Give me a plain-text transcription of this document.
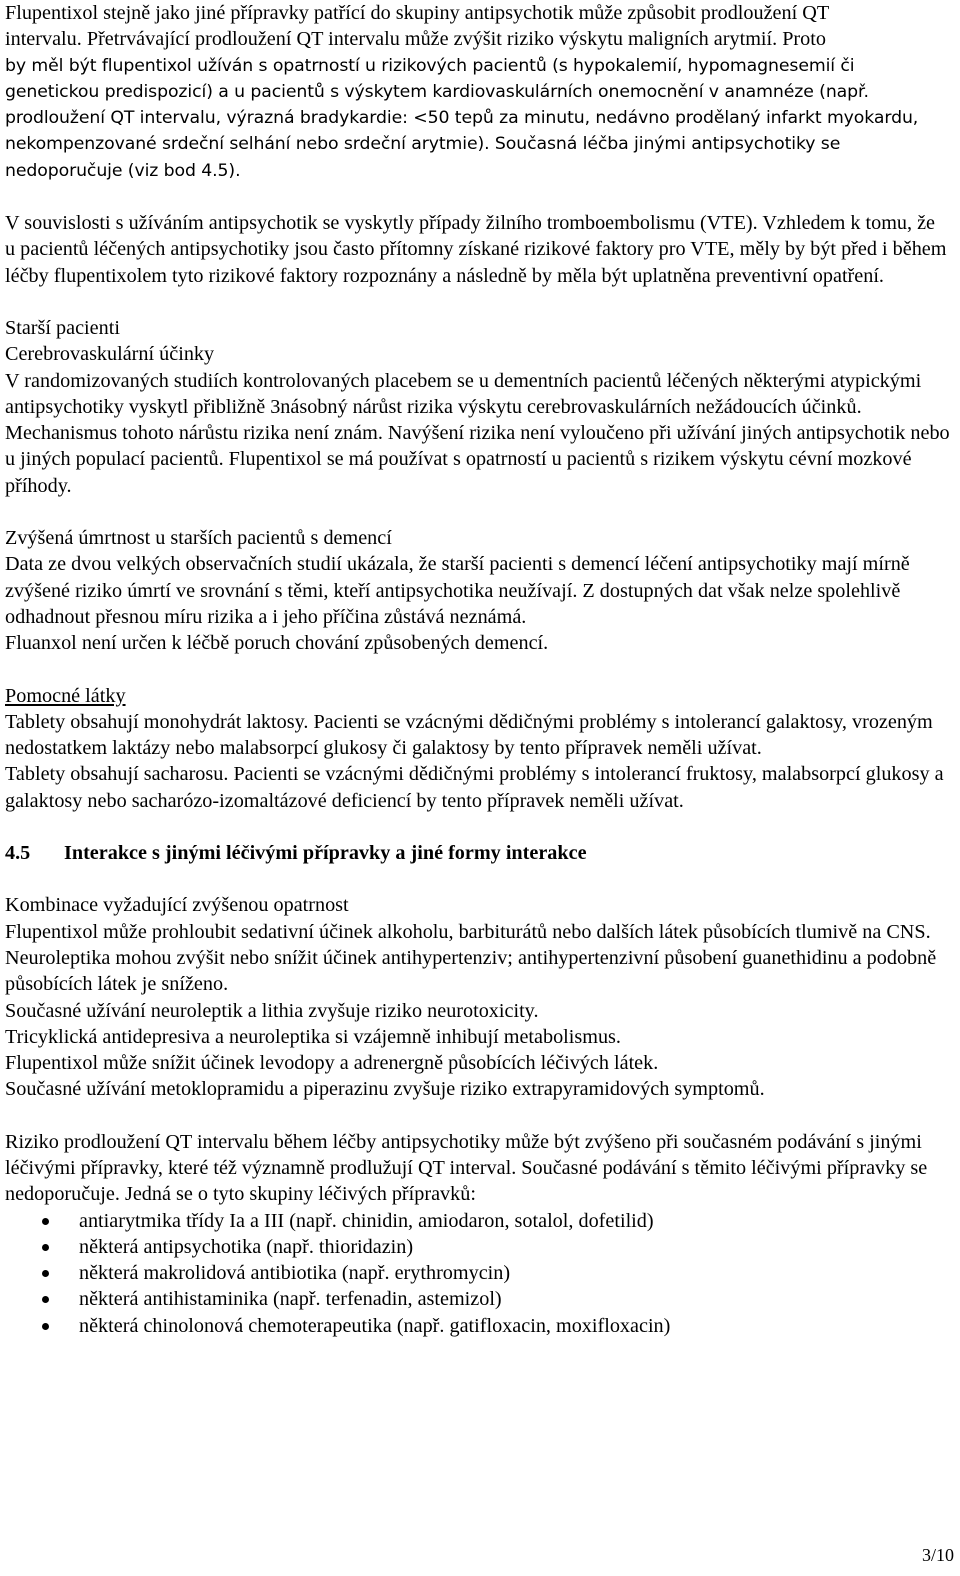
Flupentixol stejně jako jiné přípravky patřící do skupiny antipsychotik může způsobit prodloužení QT

intervalu. Přetrvávající prodloužení QT intervalu může zvýšit riziko výskytu maligních arytmií. Proto

by měl být flupentixol užíván s opatrností u rizikových pacientů (s hypokalemií, hypomagnesemií či genetickou predispozicí) a u pacientů s výskytem kardiovaskulárních onemocnění v anamnéze (např. prodloužení QT intervalu, výrazná bradykardie: <50 tepů za minutu, nedávno prodělaný infarkt myokardu, nekompenzované srdeční selhání nebo srdeční arytmie). Současná léčba jinými antipsychotiky se nedoporučuje (viz bod 4.5).

V souvislosti s užíváním antipsychotik se vyskytly případy žilního tromboembolismu (VTE). Vzhledem k tomu, že u pacientů léčených antipsychotiky jsou často přítomny získané rizikové faktory pro VTE, měly by být před i během léčby flupentixolem tyto rizikové faktory rozpoznány a následně by měla být uplatněna preventivní opatření.

Starší pacienti

Cerebrovaskulární účinky

V randomizovaných studiích kontrolovaných placebem se u dementních pacientů léčených některými atypickými antipsychotiky vyskytl přibližně 3násobný nárůst rizika výskytu cerebrovaskulárních nežádoucích účinků. Mechanismus tohoto nárůstu rizika není znám. Navýšení rizika není vyloučeno při užívání jiných antipsychotik nebo u jiných populací pacientů. Flupentixol se má používat s opatrností u pacientů s rizikem výskytu cévní mozkové příhody.

Zvýšená úmrtnost u starších pacientů s demencí

Data ze dvou velkých observačních studií ukázala, že starší pacienti s demencí léčení antipsychotiky mají mírně zvýšené riziko úmrtí ve srovnání s těmi, kteří antipsychotika neužívají. Z dostupných dat však nelze spolehlivě odhadnout přesnou míru rizika a i jeho příčina zůstává neznámá.

Fluanxol není určen k léčbě poruch chování způsobených demencí.

Pomocné látky

Tablety obsahují monohydrát laktosy. Pacienti se vzácnými dědičnými problémy s intolerancí galaktosy, vrozeným nedostatkem laktázy nebo malabsorpcí glukosy či galaktosy by tento přípravek neměli užívat.

Tablety obsahují sacharosu. Pacienti se vzácnými dědičnými problémy s intolerancí fruktosy, malabsorpcí glukosy a galaktosy nebo sacharózo-izomaltázové deficiencí by tento přípravek neměli užívat.

4.5 Interakce s jinými léčivými přípravky a jiné formy interakce

Kombinace vyžadující zvýšenou opatrnost

Flupentixol může prohloubit sedativní účinek alkoholu, barbiturátů nebo dalších látek působících tlumivě na CNS.

Neuroleptika mohou zvýšit nebo snížit účinek antihypertenziv; antihypertenzivní působení guanethidinu a podobně působících látek je sníženo.

Současné užívání neuroleptik a lithia zvyšuje riziko neurotoxicity.

Tricyklická antidepresiva a neuroleptika si vzájemně inhibují metabolismus.

Flupentixol může snížit účinek levodopy a adrenergně působících léčivých látek.

Současné užívání metoklopramidu a piperazinu zvyšuje riziko extrapyramidových symptomů.

Riziko prodloužení QT intervalu během léčby antipsychotiky může být zvýšeno při současném podávání s jinými léčivými přípravky, které též významně prodlužují QT interval. Současné podávání s těmito léčivými přípravky se nedoporučuje. Jedná se o tyto skupiny léčivých přípravků:

antiarytmika třídy Ia a III (např. chinidin, amiodaron, sotalol, dofetilid)
některá antipsychotika (např. thioridazin)
některá makrolidová antibiotika (např. erythromycin)
některá antihistaminika (např. terfenadin, astemizol)
některá chinolonová chemoterapeutika (např. gatifloxacin, moxifloxacin)
3/10
